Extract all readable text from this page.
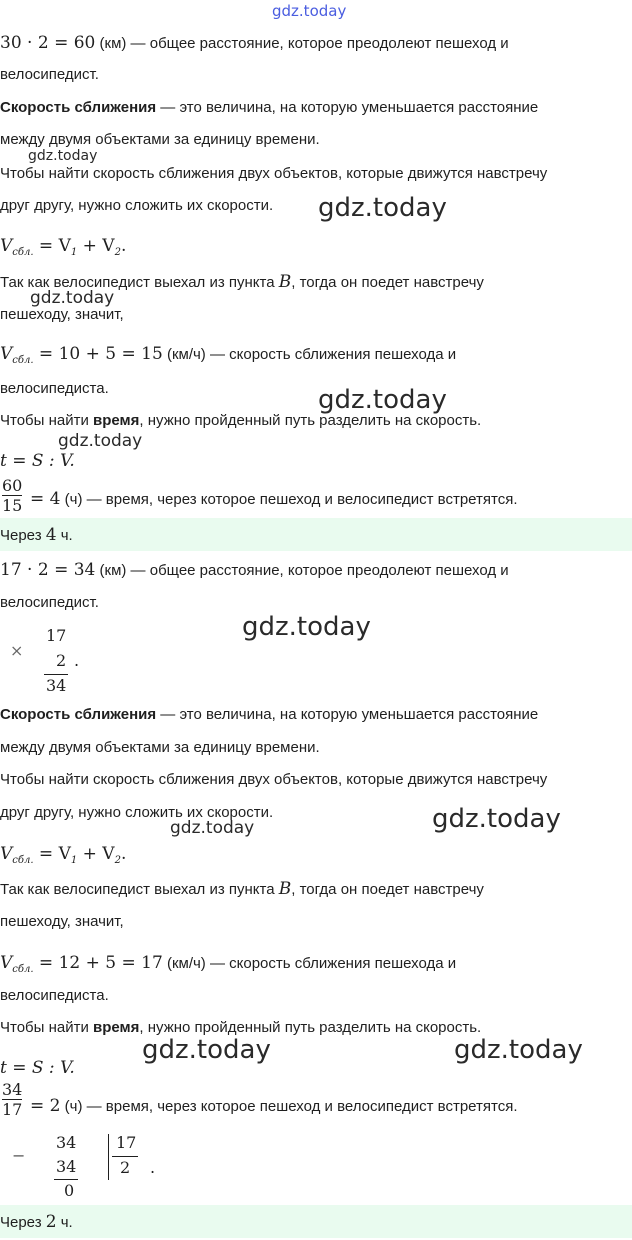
gdz.today
30 · 2 = 60 (км) — общее расстояние, которое преодолеют пешеход и
велосипедист.
Скорость сближения — это величина, на которую уменьшается расстояние
между двумя объектами за единицу времени.
gdz.today
Чтобы найти скорость сближения двух объектов, которые движутся навстречу
друг другу, нужно сложить их скорости. gdz.today
$V_{сбл.} = V_1 + V_2$.
Так как велосипедист выехал из пункта B, тогда он поедет навстречу
gdz.today
пешеходу, значит,
$V_{сбл.} = 10 + 5 = 15$ (км/ч) — скорость сближения пешехода и
велосипедиста.	gdz.today
Чтобы найти время, нужно пройденный путь разделить на скорость.
gdz.today
t = S : V.
60
15 = 4 (ч) — время, через которое пешеход и велосипедист встретятся.
Через 4 ч.
17 · 2 = 34 (км) — общее расстояние, которое преодолеют пешеход и
велосипедист.
×
17
2 .
34
gdz.today
Скорость сближения — это величина, на которую уменьшается расстояние
между двумя объектами за единицу времени.
Чтобы найти скорость сближения двух объектов, которые движутся навстречу
друг другу, нужно сложить их скорости.	gdz.today
gdz.today
$V_{сбл.} = V_1 + V_2$.
Так как велосипедист выехал из пункта B, тогда он поедет навстречу
пешеходу, значит,
$V_{сбл.} = 12 + 5 = 17$ (км/ч) — скорость сближения пешехода и
велосипедиста.
Чтобы найти время, нужно пройденный путь разделить на скорость.
t = S : V.
gdz.today	gdz.today
34
17 = 2 (ч) — время, через которое пешеход и велосипедист встретятся.
−
34
34
0
17
2 .
Через 2 ч.
